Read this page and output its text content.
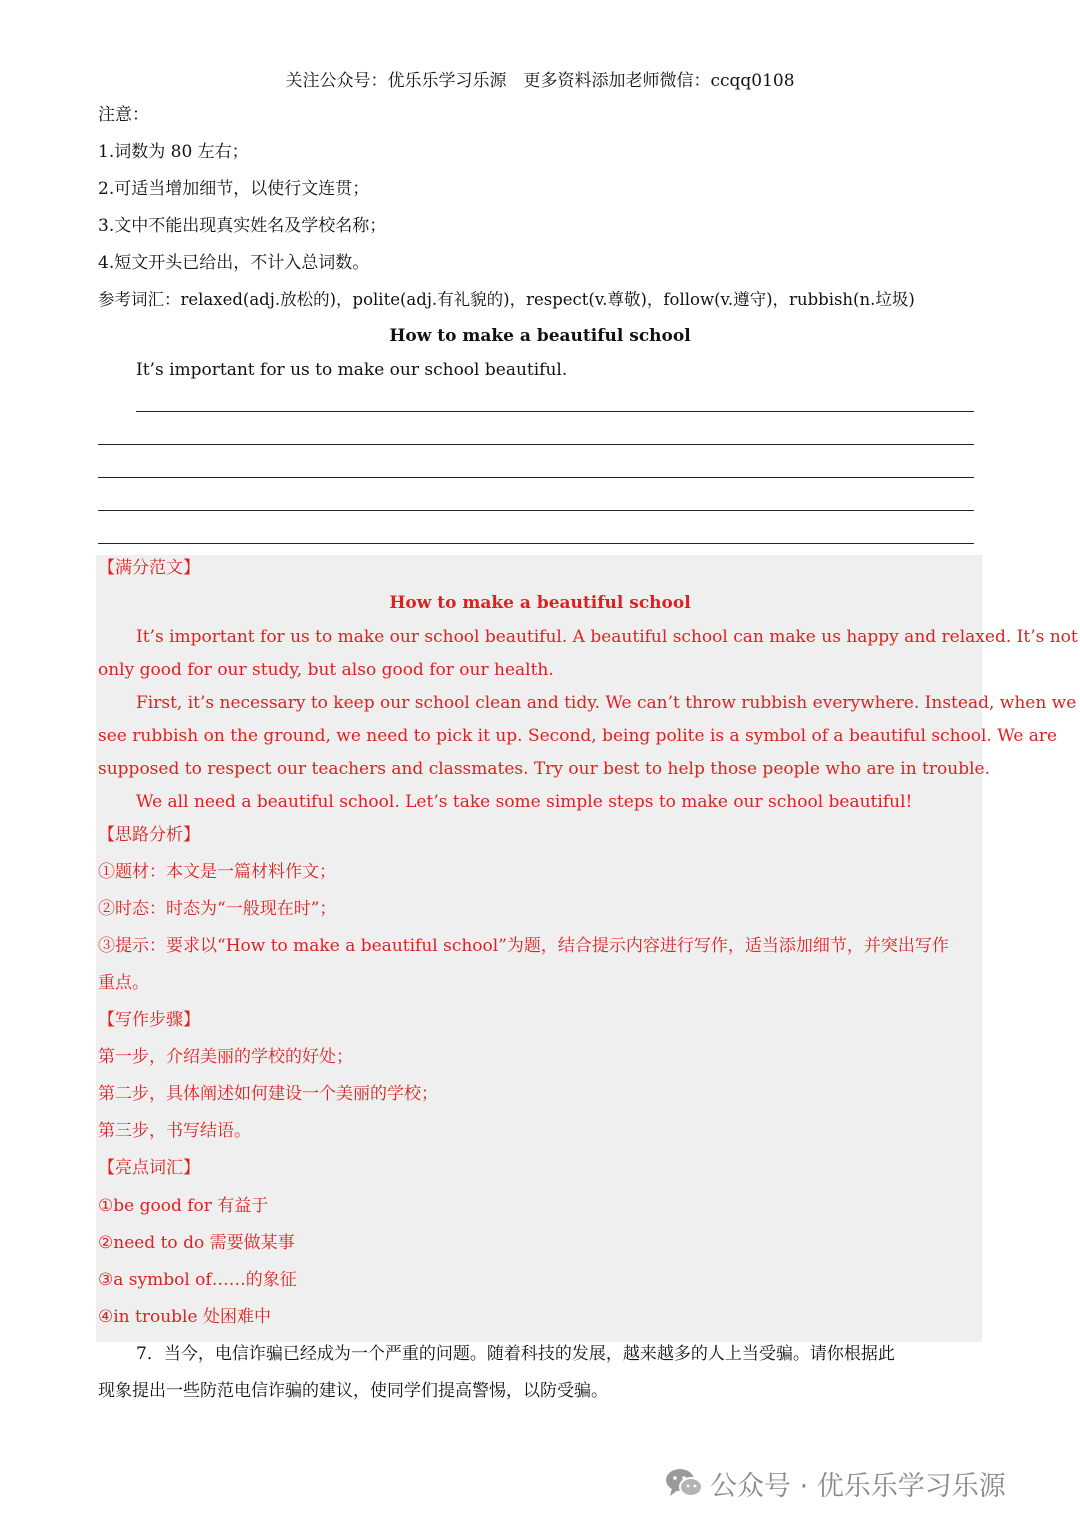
关注公众号：优乐乐学习乐源　更多资料添加老师微信：ccqq0108
注意：
1.词数为 80 左右；
2.可适当增加细节，以使行文连贯；
3.文中不能出现真实姓名及学校名称；
4.短文开头已给出，不计入总词数。
参考词汇：relaxed(adj.放松的)，polite(adj.有礼貌的)，respect(v.尊敬)，follow(v.遵守)，rubbish(n.垃圾)
How to make a beautiful school
It’s important for us to make our school beautiful.
【满分范文】
How to make a beautiful school
It’s important for us to make our school beautiful. A beautiful school can make us happy and relaxed. It’s not
only good for our study, but also good for our health.
First, it’s necessary to keep our school clean and tidy. We can’t throw rubbish everywhere. Instead, when we
see rubbish on the ground, we need to pick it up. Second, being polite is a symbol of a beautiful school. We are
supposed to respect our teachers and classmates. Try our best to help those people who are in trouble.
We all need a beautiful school. Let’s take some simple steps to make our school beautiful!
【思路分析】
①题材：本文是一篇材料作文；
②时态：时态为“一般现在时”；
③提示：要求以“How to make a beautiful school”为题，结合提示内容进行写作，适当添加细节，并突出写作
重点。
【写作步骤】
第一步，介绍美丽的学校的好处；
第二步，具体阐述如何建设一个美丽的学校；
第三步，书写结语。
【亮点词汇】
①be good for 有益于
②need to do 需要做某事
③a symbol of……的象征
④in trouble 处困难中
7．当今，电信诈骗已经成为一个严重的问题。随着科技的发展，越来越多的人上当受骗。请你根据此
现象提出一些防范电信诈骗的建议，使同学们提高警惕，以防受骗。
公众号 · 优乐乐学习乐源
